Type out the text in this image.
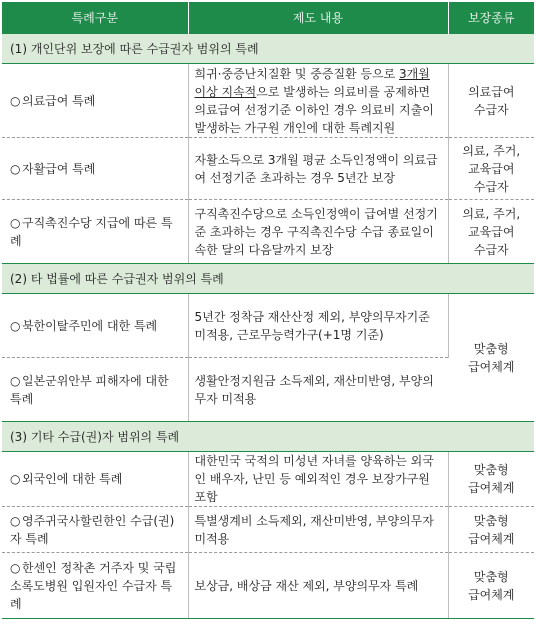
특례구분	제도 내용	보장종류
(1) 개인단위 보장에 따른 수급권자 범위의 특례		
○ 의료급여 특례	희귀·중증난치질환 및 중증질환 등으로 3개월 이상 지속적으로 발생하는 의료비를 공제하면 의료급여 선정기준 이하인 경우 의료비 지출이 발생하는 가구원 개인에 대한 특례지원	의료급여
수급자
○ 자활급여 특례	자활소득으로 3개월 평균 소득인정액이 의료급여 선정기준 초과하는 경우 5년간 보장	의료, 주거,
교육급여
수급자
○ 구직촉진수당 지급에 따른 특례	구직촉진수당으로 소득인정액이 급여별 선정기준 초과하는 경우 구직촉진수당 수급 종료일이 속한 달의 다음달까지 보장	의료, 주거,
교육급여
수급자
(2) 타 법률에 따른 수급권자 범위의 특례		
○ 북한이탈주민에 대한 특례	5년간 정착금 재산산정 제외, 부양의무자기준 미적용, 근로무능력가구(+1명 기준)	맞춤형
급여체계
○ 일본군위안부 피해자에 대한 특례	생활안정지원금 소득제외, 재산미반영, 부양의무자 미적용	
(3) 기타 수급(권)자 범위의 특례		
○ 외국인에 대한 특례	대한민국 국적의 미성년 자녀를 양육하는 외국인 배우자, 난민 등 예외적인 경우 보장가구원 포함	맞춤형
급여체계
○ 영주귀국사할린한인 수급(권)자 특례	특별생계비 소득제외, 재산미반영, 부양의무자 미적용	맞춤형
급여체계
○ 한센인 정착촌 거주자 및 국립소록도병원 입원자인 수급자 특례	보상금, 배상금 재산 제외, 부양의무자 특례	맞춤형
급여체계
